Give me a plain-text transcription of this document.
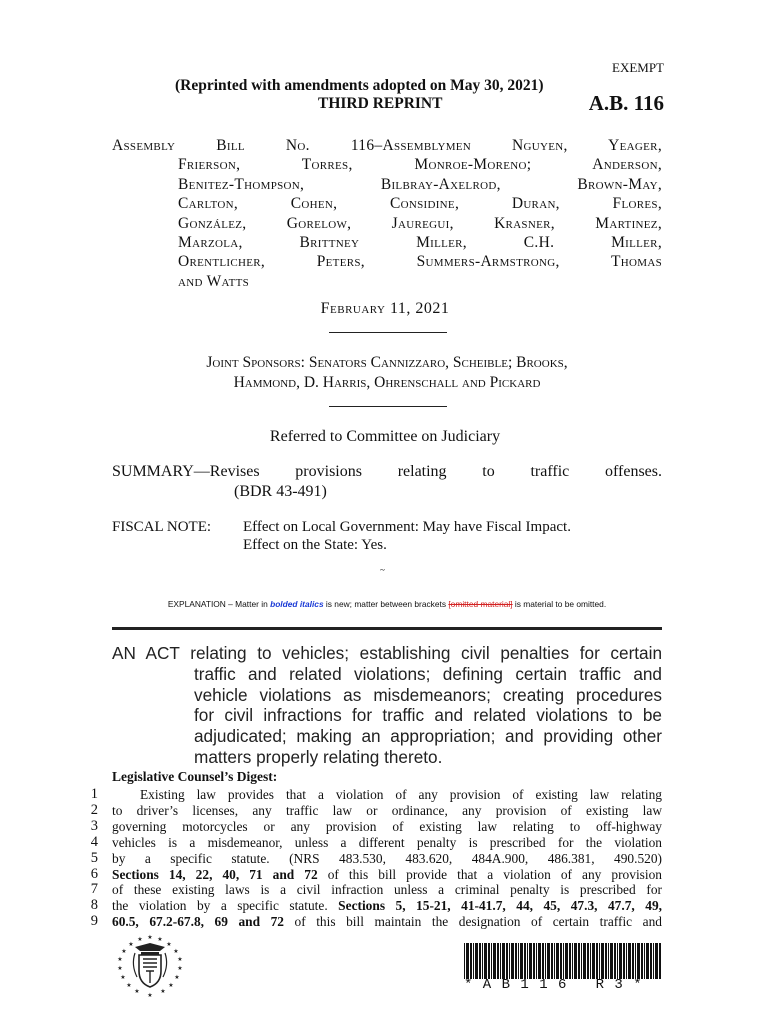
EXEMPT
(Reprinted with amendments adopted on May 30, 2021)
THIRD REPRINT	A.B. 116
Assembly Bill No. 116–Assemblymen Nguyen, Yeager,
Frierson, Torres, Monroe-Moreno; Anderson,
Benitez-Thompson, Bilbray-Axelrod, Brown-May,
Carlton, Cohen, Considine, Duran, Flores,
González, Gorelow, Jauregui, Krasner, Martinez,
Marzola, Brittney Miller, C.H. Miller,
Orentlicher, Peters, Summers-Armstrong, Thomas
and Watts
February 11, 2021
Joint Sponsors: Senators Cannizzaro, Scheible; Brooks,
Hammond, D. Harris, Ohrenschall and Pickard
Referred to Committee on Judiciary
SUMMARY—Revises provisions relating to traffic offenses.
(BDR 43-491)
FISCAL NOTE: Effect on Local Government: May have Fiscal Impact.
Effect on the State: Yes.
~
EXPLANATION – Matter in bolded italics is new; matter between brackets [omitted material] is material to be omitted.
AN ACT relating to vehicles; establishing civil penalties for certain
traffic and related violations; defining certain traffic and
vehicle violations as misdemeanors; creating procedures
for civil infractions for traffic and related violations to be
adjudicated; making an appropriation; and providing other
matters properly relating thereto.
Legislative Counsel’s Digest:
1
2
3
4
5
6
7
8
9
Existing law provides that a violation of any provision of existing law relating
to driver’s licenses, any traffic law or ordinance, any provision of existing law
governing motorcycles or any provision of existing law relating to off-highway
vehicles is a misdemeanor, unless a different penalty is prescribed for the violation
by a specific statute. (NRS 483.530, 483.620, 484A.900, 486.381, 490.520)
Sections 14, 22, 40, 71 and 72 of this bill provide that a violation of any provision
of these existing laws is a civil infraction unless a criminal penalty is prescribed for
the violation by a specific statute. Sections 5, 15-21, 41-41.7, 44, 45, 47.3, 47.7, 49,
60.5, 67.2-67.8, 69 and 72 of this bill maintain the designation of certain traffic and
★
★ ★
★	★
★	★
★	★
★	★
★	★
★	★
★	★
★
* A B 1 1 6   R 3 *
